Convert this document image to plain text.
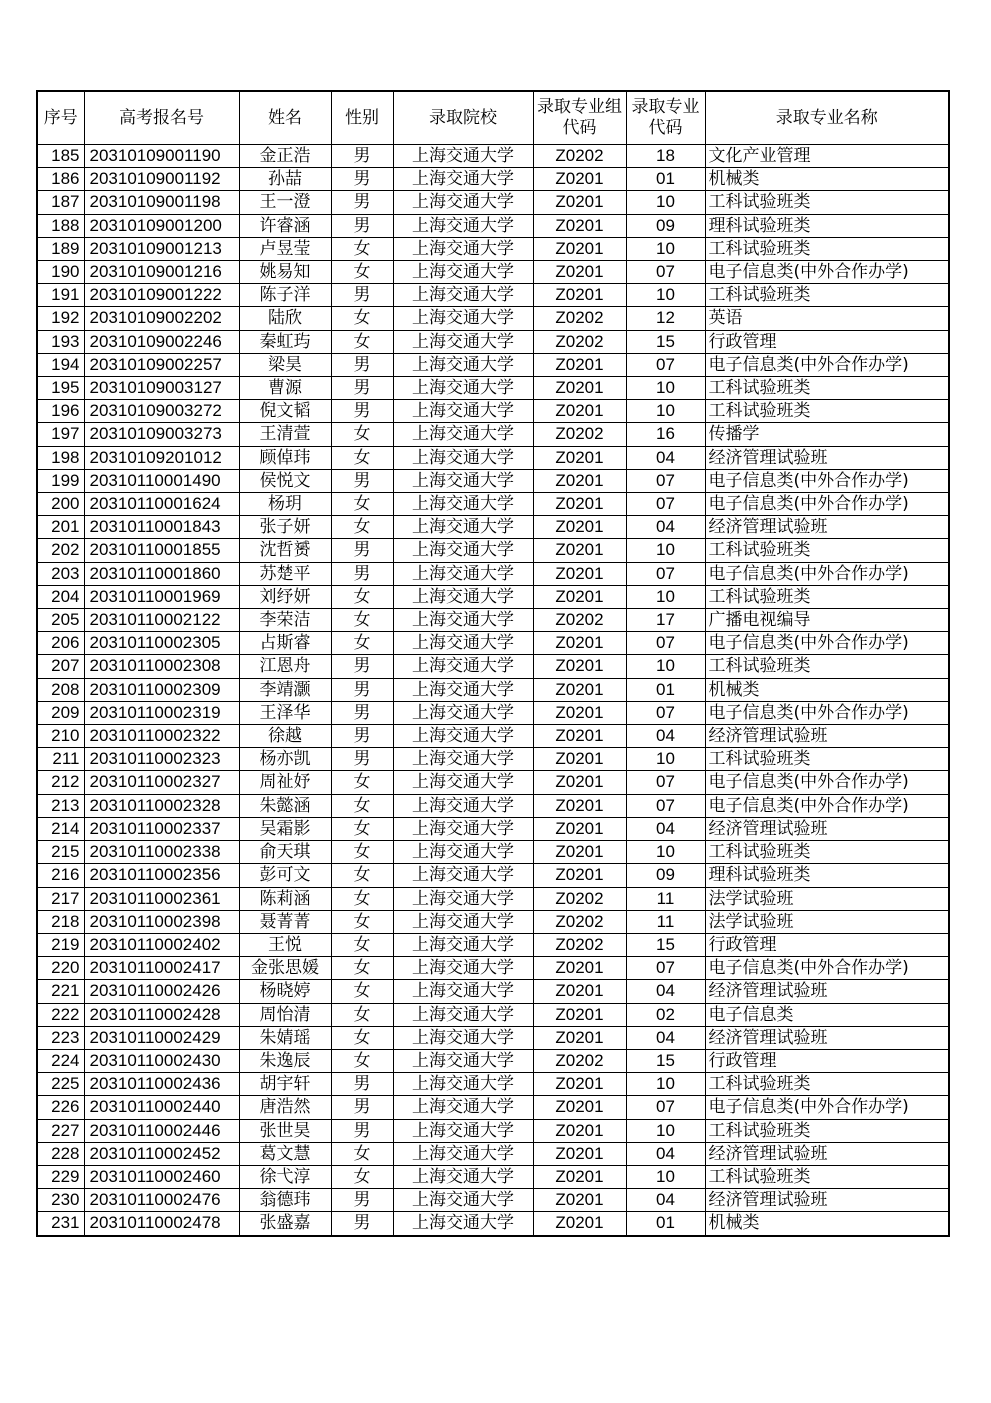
序号	高考报名号	姓名	性别	录取院校	录取专业组代码	录取专业代码	录取专业名称
185	20310109001190	金正浩	男	上海交通大学	Z0202	18	文化产业管理
186	20310109001192	孙喆	男	上海交通大学	Z0201	01	机械类
187	20310109001198	王一澄	男	上海交通大学	Z0201	10	工科试验班类
188	20310109001200	许睿涵	男	上海交通大学	Z0201	09	理科试验班类
189	20310109001213	卢昱莹	女	上海交通大学	Z0201	10	工科试验班类
190	20310109001216	姚易知	女	上海交通大学	Z0201	07	电子信息类(中外合作办学)
191	20310109001222	陈子洋	男	上海交通大学	Z0201	10	工科试验班类
192	20310109002202	陆欣	女	上海交通大学	Z0202	12	英语
193	20310109002246	秦虹玙	女	上海交通大学	Z0202	15	行政管理
194	20310109002257	梁昊	男	上海交通大学	Z0201	07	电子信息类(中外合作办学)
195	20310109003127	曹源	男	上海交通大学	Z0201	10	工科试验班类
196	20310109003272	倪文韬	男	上海交通大学	Z0201	10	工科试验班类
197	20310109003273	王清萱	女	上海交通大学	Z0202	16	传播学
198	20310109201012	顾倬玮	女	上海交通大学	Z0201	04	经济管理试验班
199	20310110001490	侯悦文	男	上海交通大学	Z0201	07	电子信息类(中外合作办学)
200	20310110001624	杨玥	女	上海交通大学	Z0201	07	电子信息类(中外合作办学)
201	20310110001843	张子妍	女	上海交通大学	Z0201	04	经济管理试验班
202	20310110001855	沈哲赟	男	上海交通大学	Z0201	10	工科试验班类
203	20310110001860	苏楚平	男	上海交通大学	Z0201	07	电子信息类(中外合作办学)
204	20310110001969	刘纾妍	女	上海交通大学	Z0201	10	工科试验班类
205	20310110002122	李荣洁	女	上海交通大学	Z0202	17	广播电视编导
206	20310110002305	占斯睿	女	上海交通大学	Z0201	07	电子信息类(中外合作办学)
207	20310110002308	江恩舟	男	上海交通大学	Z0201	10	工科试验班类
208	20310110002309	李靖灏	男	上海交通大学	Z0201	01	机械类
209	20310110002319	王泽华	男	上海交通大学	Z0201	07	电子信息类(中外合作办学)
210	20310110002322	徐越	男	上海交通大学	Z0201	04	经济管理试验班
211	20310110002323	杨亦凯	男	上海交通大学	Z0201	10	工科试验班类
212	20310110002327	周祉妤	女	上海交通大学	Z0201	07	电子信息类(中外合作办学)
213	20310110002328	朱懿涵	女	上海交通大学	Z0201	07	电子信息类(中外合作办学)
214	20310110002337	吴霜影	女	上海交通大学	Z0201	04	经济管理试验班
215	20310110002338	俞天琪	女	上海交通大学	Z0201	10	工科试验班类
216	20310110002356	彭可文	女	上海交通大学	Z0201	09	理科试验班类
217	20310110002361	陈莉涵	女	上海交通大学	Z0202	11	法学试验班
218	20310110002398	聂菁菁	女	上海交通大学	Z0202	11	法学试验班
219	20310110002402	王悦	女	上海交通大学	Z0202	15	行政管理
220	20310110002417	金张思媛	女	上海交通大学	Z0201	07	电子信息类(中外合作办学)
221	20310110002426	杨晓婷	女	上海交通大学	Z0201	04	经济管理试验班
222	20310110002428	周怡清	女	上海交通大学	Z0201	02	电子信息类
223	20310110002429	朱婧瑶	女	上海交通大学	Z0201	04	经济管理试验班
224	20310110002430	朱逸辰	女	上海交通大学	Z0202	15	行政管理
225	20310110002436	胡宇轩	男	上海交通大学	Z0201	10	工科试验班类
226	20310110002440	唐浩然	男	上海交通大学	Z0201	07	电子信息类(中外合作办学)
227	20310110002446	张世昊	男	上海交通大学	Z0201	10	工科试验班类
228	20310110002452	葛文慧	女	上海交通大学	Z0201	04	经济管理试验班
229	20310110002460	徐弋淳	女	上海交通大学	Z0201	10	工科试验班类
230	20310110002476	翁德玮	男	上海交通大学	Z0201	04	经济管理试验班
231	20310110002478	张盛嘉	男	上海交通大学	Z0201	01	机械类
